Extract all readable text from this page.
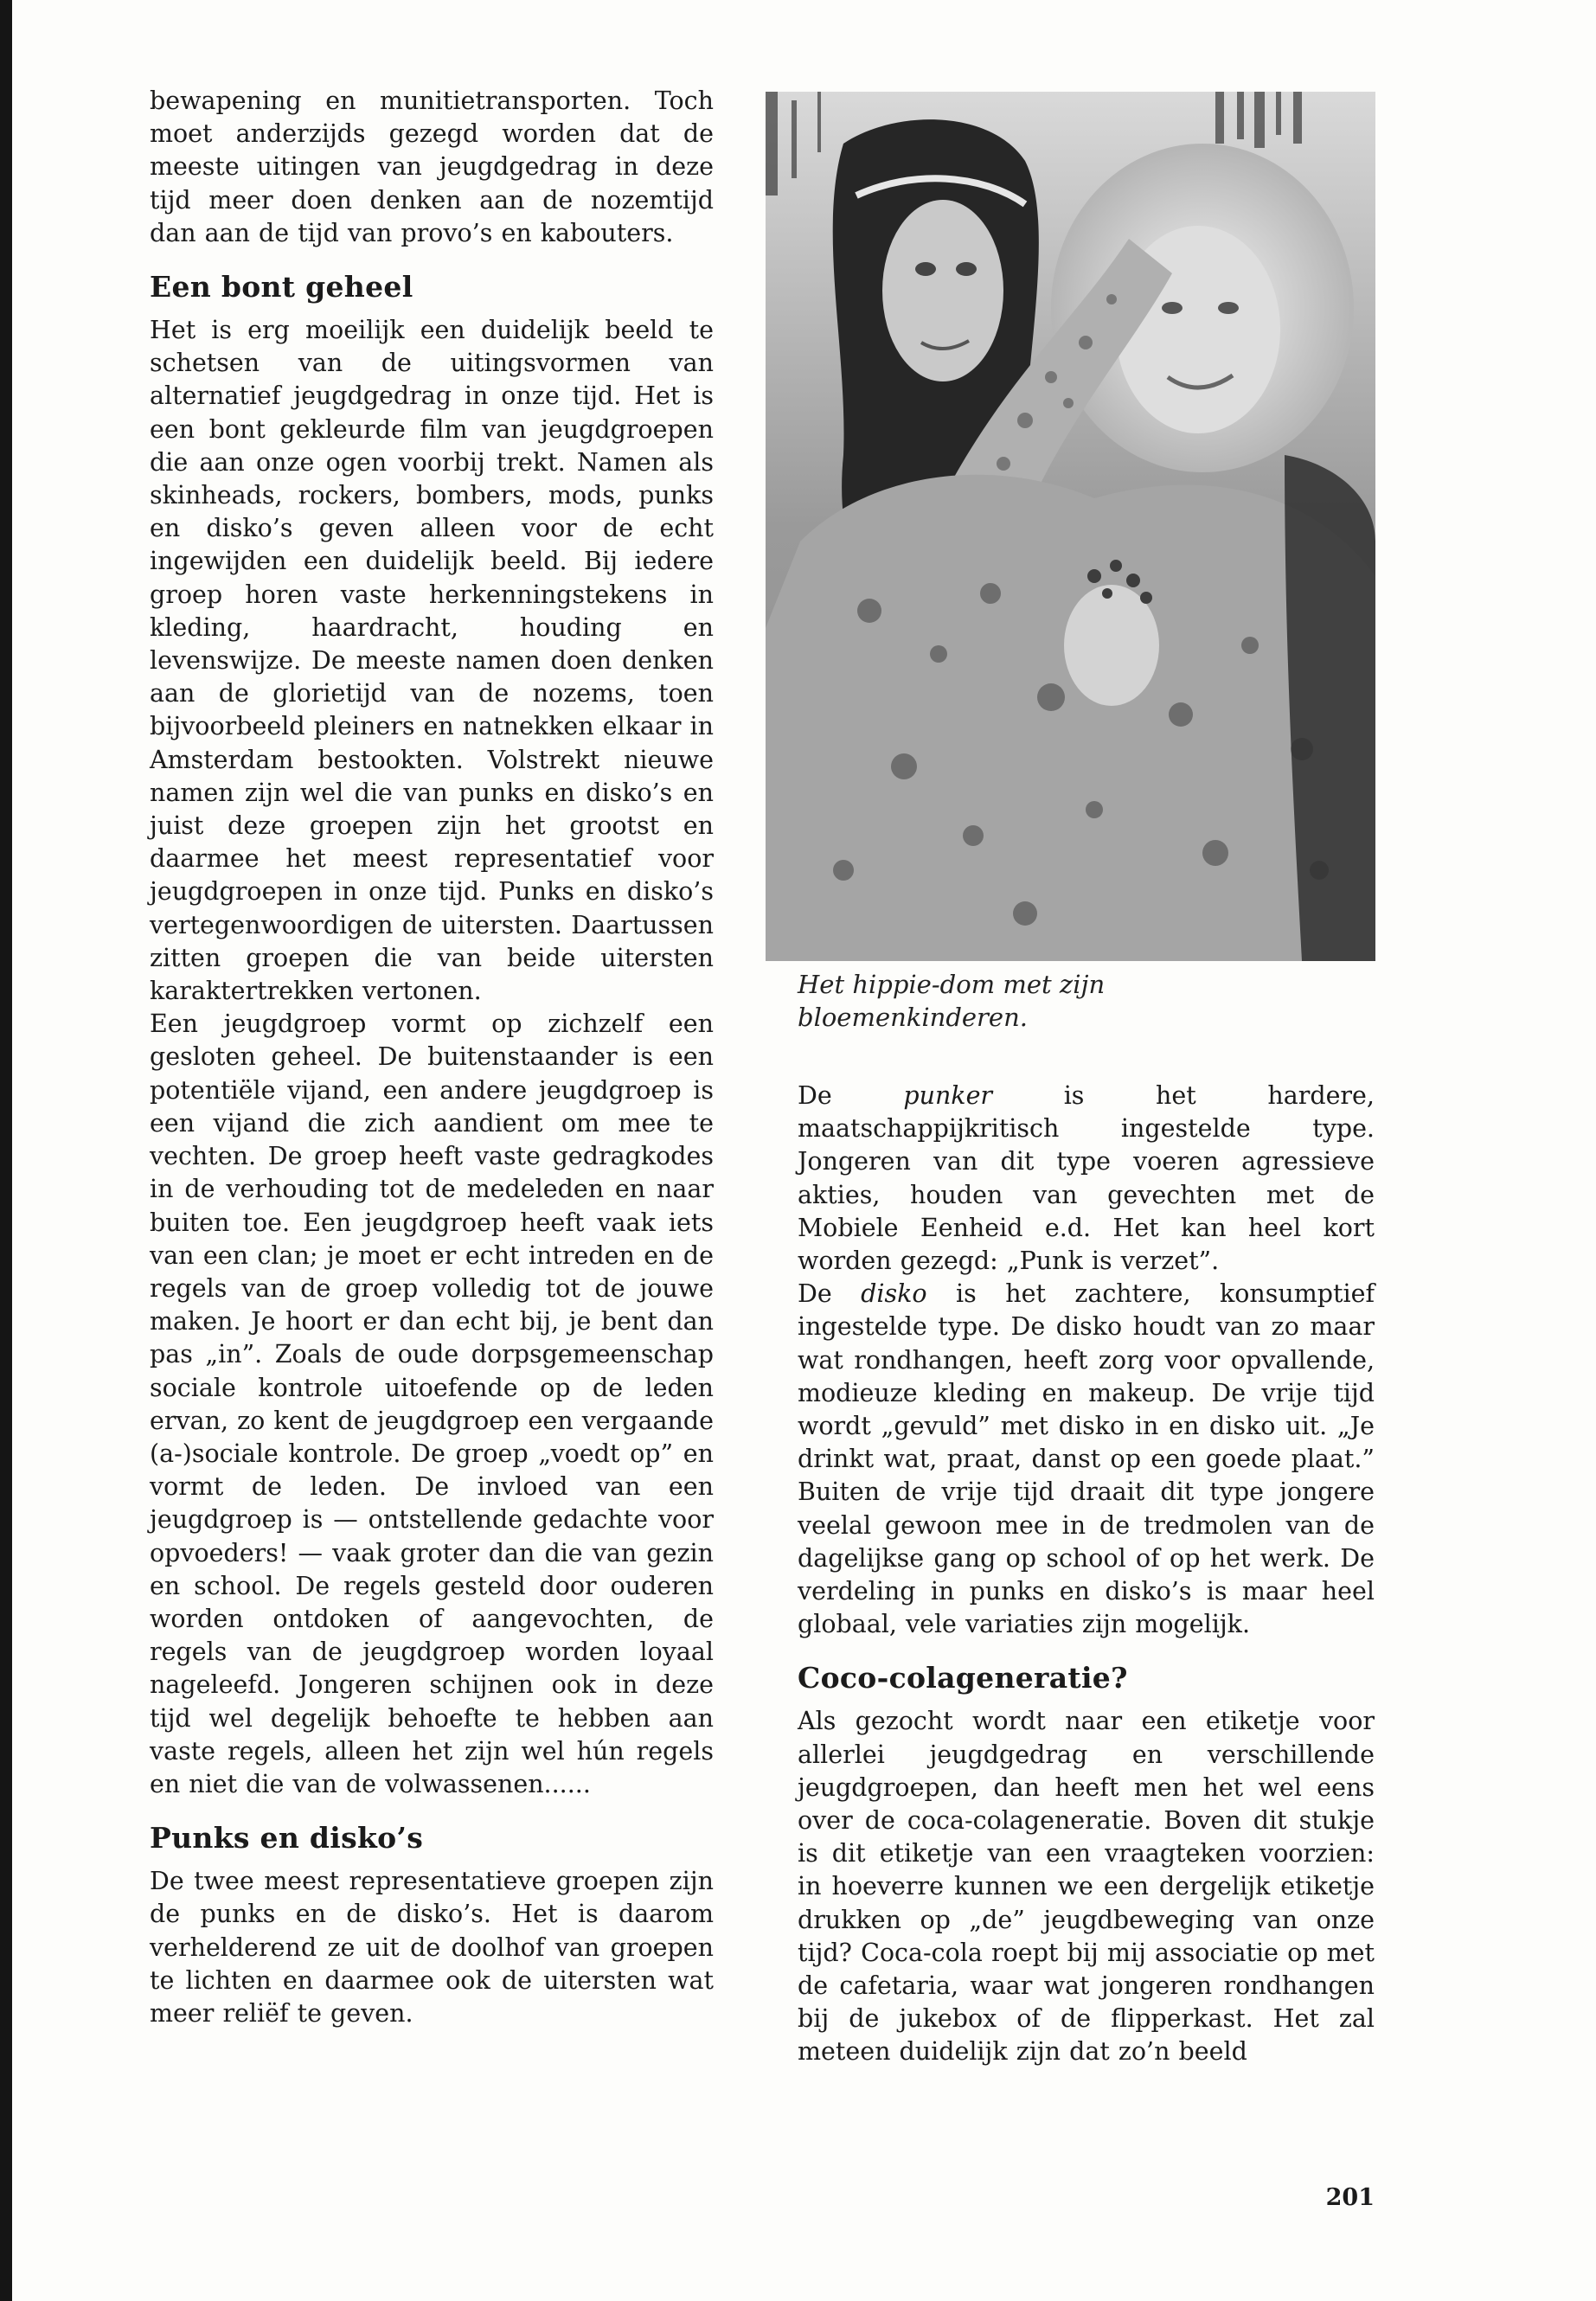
bewapening en munitietransporten. Toch moet anderzijds gezegd worden dat de meeste uitingen van jeugdgedrag in deze tijd meer doen denken aan de nozemtijd dan aan de tijd van provo’s en kabouters.

Een bont geheel

Het is erg moeilijk een duidelijk beeld te schetsen van de uitingsvormen van alternatief jeugdgedrag in onze tijd. Het is een bont gekleurde film van jeugdgroepen die aan onze ogen voorbij trekt. Namen als skinheads, rockers, bombers, mods, punks en disko’s geven alleen voor de echt ingewijden een duidelijk beeld. Bij iedere groep horen vaste herkenningstekens in kleding, haardracht, houding en levenswijze. De meeste namen doen denken aan de glorietijd van de nozems, toen bijvoorbeeld pleiners en natnekken elkaar in Amsterdam bestookten. Volstrekt nieuwe namen zijn wel die van punks en disko’s en juist deze groepen zijn het grootst en daarmee het meest representatief voor jeugdgroepen in onze tijd. Punks en disko’s vertegenwoordigen de uitersten. Daartussen zitten groepen die van beide uitersten karaktertrekken vertonen.

Een jeugdgroep vormt op zichzelf een gesloten geheel. De buitenstaander is een potentiële vijand, een andere jeugdgroep is een vijand die zich aandient om mee te vechten. De groep heeft vaste gedragkodes in de verhouding tot de medeleden en naar buiten toe. Een jeugdgroep heeft vaak iets van een clan; je moet er echt intreden en de regels van de groep volledig tot de jouwe maken. Je hoort er dan echt bij, je bent dan pas „in”. Zoals de oude dorpsgemeenschap sociale kontrole uitoefende op de leden ervan, zo kent de jeugdgroep een vergaande (a-)sociale kontrole. De groep „voedt op” en vormt de leden. De invloed van een jeugdgroep is — ontstellende gedachte voor opvoeders! — vaak groter dan die van gezin en school. De regels gesteld door ouderen worden ontdoken of aangevochten, de regels van de jeugdgroep worden loyaal nageleefd. Jongeren schijnen ook in deze tijd wel degelijk behoefte te hebben aan vaste regels, alleen het zijn wel hún regels en niet die van de volwassenen......

Punks en disko’s

De twee meest representatieve groepen zijn de punks en de disko’s. Het is daarom verhelderend ze uit de doolhof van groepen te lichten en daarmee ook de uitersten wat meer reliëf te geven.

Het hippie-dom met zijn
bloemenkinderen.

De punker is het hardere, maatschappijkritisch ingestelde type. Jongeren van dit type voeren agressieve akties, houden van gevechten met de Mobiele Eenheid e.d. Het kan heel kort worden gezegd: „Punk is verzet”.

De disko is het zachtere, konsumptief ingestelde type. De disko houdt van zo maar wat rondhangen, heeft zorg voor opvallende, modieuze kleding en makeup. De vrije tijd wordt „gevuld” met disko in en disko uit. „Je drinkt wat, praat, danst op een goede plaat.” Buiten de vrije tijd draait dit type jongere veelal gewoon mee in de tredmolen van de dagelijkse gang op school of op het werk. De verdeling in punks en disko’s is maar heel globaal, vele variaties zijn mogelijk.

Coco-colageneratie?

Als gezocht wordt naar een etiketje voor allerlei jeugdgedrag en verschillende jeugdgroepen, dan heeft men het wel eens over de coca-colageneratie. Boven dit stukje is dit etiketje van een vraagteken voorzien: in hoeverre kunnen we een dergelijk etiketje drukken op „de” jeugdbeweging van onze tijd? Coca-cola roept bij mij associatie op met de cafetaria, waar wat jongeren rondhangen bij de jukebox of de flipperkast. Het zal meteen duidelijk zijn dat zo’n beeld

201
